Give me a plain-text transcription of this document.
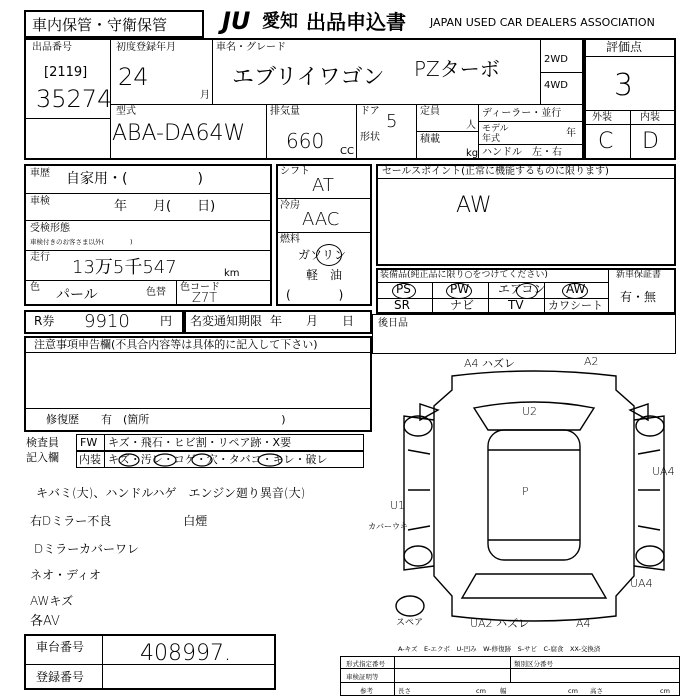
車内保管・守衛保管 JU 愛知 出品申込書 JAPAN USED CAR DEALERS ASSOCIATION
出品番号
[2119]
35274
初度登録年月
24
月
車名・グレード
エブリイワゴン PZターボ	2WD
4WD
型式
ABA-DA64W
排気量
660 CC
ドア 5
形状
定員
人
積載
kg
ディーラー・並行
モデル年式	年
ハンドル　左・右
評価点
3
外装	内装
C D
車歴 自家用・(　　　　　)
車検	年　　月(　　日)
受検形態
車検付きのお客さま以外(　　　　)
走行 13万5千547	km
色 パール	色替 色コード
Z7T
シフト
AT
冷房
AAC
燃料
ガソリン
軽　油
(　　　　)
セールスポイント(正常に機能するものに限ります)
AW
装備品(純正品に限り○をつけてください)	新車保証書
有・無
PS	PW エアコン AW
SR	ナビ	TV カワシート
R券 9910	円 名変通知期限 年　　月　　日 後日品
注意事項申告欄(不具合内容等は具体的に記入して下さい)
修復歴　　有　(箇所　　　　　　　　　　　　)
検査員
記入欄
FW キズ・飛石・ヒビ割・リペア跡・X要
内装 キズ・汚レ・コゲ・穴・タバコ・キレ・破レ
キバミ(大)、ハンドルハゲ　エンジン廻り異音(大)
右Dミラー不良　　　　　　白煙
Dミラーカバーワレ
ネオ・ディオ
AWキズ
各AV
A4 ハズレ	A2
U2
P
UA4
U1
カバーウキ
UA4
スペア	UA2 ハズレ	A4
A-キズ　E-エクボ　U-凹み　W-修復跡　S-サビ　C-腐食　XX-交換済
車台番号	408997.
登録番号
形式指定番号	類別区分番号
車検証明等
参考	長さ	cm 幅	cm 高さ	cm
